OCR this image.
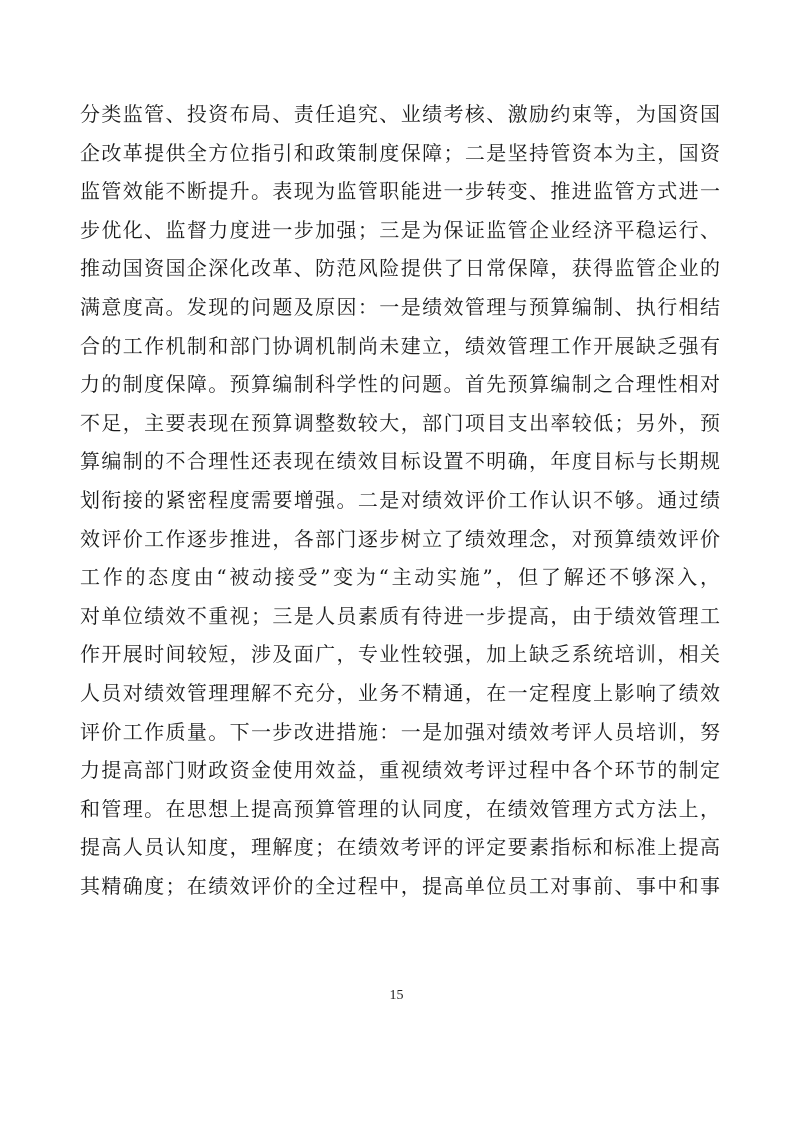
分类监管、投资布局、责任追究、业绩考核、激励约束等，为国资国
企改革提供全方位指引和政策制度保障；二是坚持管资本为主，国资
监管效能不断提升。表现为监管职能进一步转变、推进监管方式进一
步优化、监督力度进一步加强；三是为保证监管企业经济平稳运行、
推动国资国企深化改革、防范风险提供了日常保障，获得监管企业的
满意度高。发现的问题及原因：一是绩效管理与预算编制、执行相结
合的工作机制和部门协调机制尚未建立，绩效管理工作开展缺乏强有
力的制度保障。预算编制科学性的问题。首先预算编制之合理性相对
不足，主要表现在预算调整数较大，部门项目支出率较低；另外，预
算编制的不合理性还表现在绩效目标设置不明确，年度目标与长期规
划衔接的紧密程度需要增强。二是对绩效评价工作认识不够。通过绩
效评价工作逐步推进，各部门逐步树立了绩效理念，对预算绩效评价
工作的态度由“被动接受”变为“主动实施”，但了解还不够深入，
对单位绩效不重视；三是人员素质有待进一步提高，由于绩效管理工
作开展时间较短，涉及面广，专业性较强，加上缺乏系统培训，相关
人员对绩效管理理解不充分，业务不精通，在一定程度上影响了绩效
评价工作质量。下一步改进措施：一是加强对绩效考评人员培训，努
力提高部门财政资金使用效益，重视绩效考评过程中各个环节的制定
和管理。在思想上提高预算管理的认同度，在绩效管理方式方法上，
提高人员认知度，理解度；在绩效考评的评定要素指标和标准上提高
其精确度；在绩效评价的全过程中，提高单位员工对事前、事中和事
15
